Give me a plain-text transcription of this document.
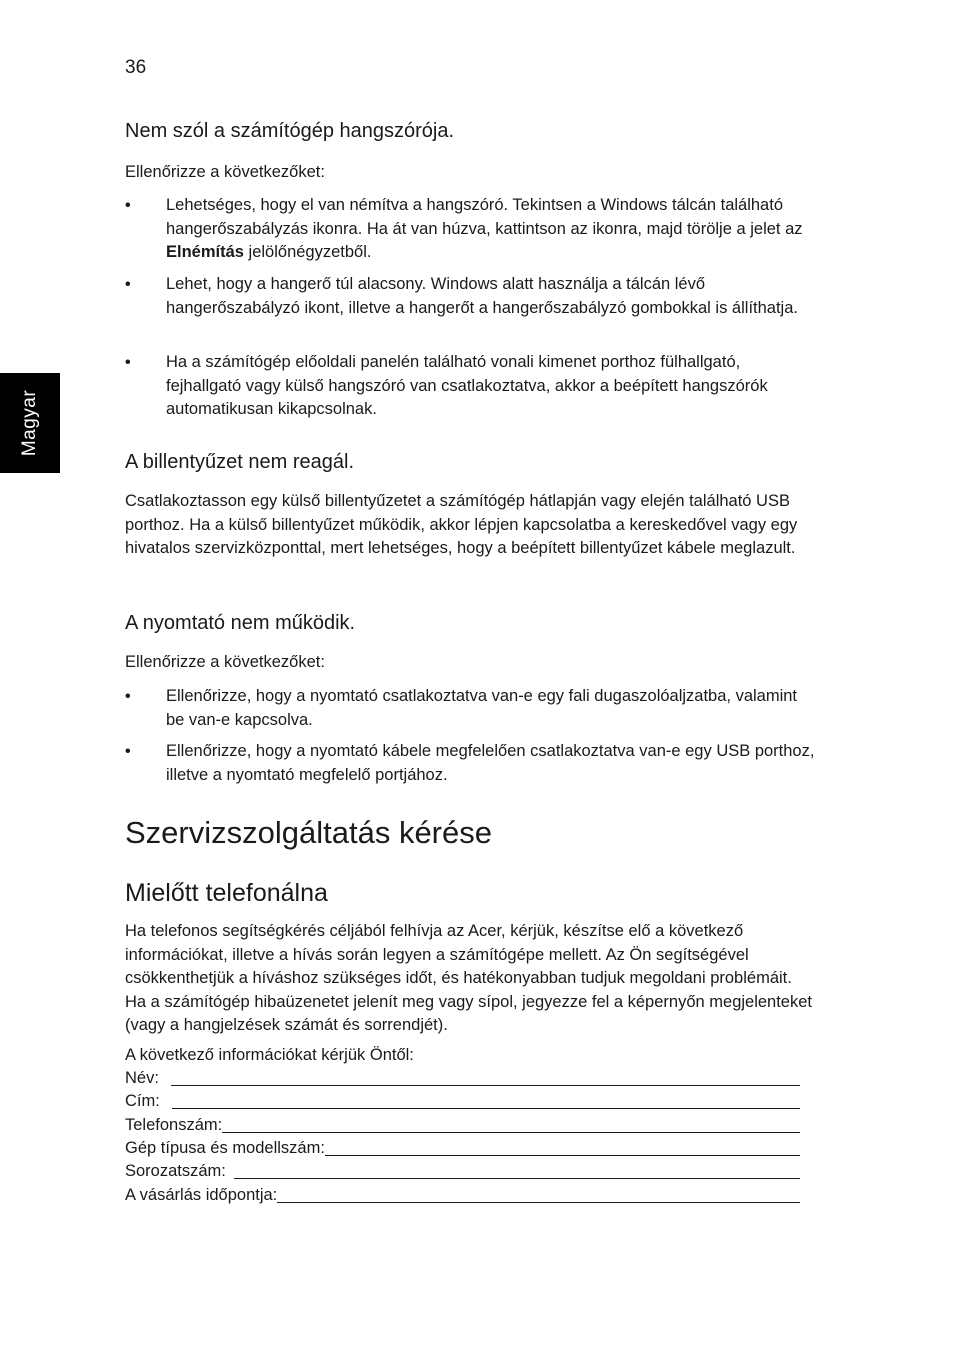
36
Magyar
Nem szól a számítógép hangszórója.

Ellenőrizze a következőket:

• Lehetséges, hogy el van némítva a hangszóró. Tekintsen a Windows tálcán található hangerőszabályzás ikonra. Ha át van húzva, kattintson az ikonra, majd törölje a jelet az Elnémítás jelölőnégyzetből.
• Lehet, hogy a hangerő túl alacsony. Windows alatt használja a tálcán lévő hangerőszabályzó ikont, illetve a hangerőt a hangerőszabályzó gombokkal is állíthatja.
• Ha a számítógép előoldali panelén található vonali kimenet porthoz fülhallgató, fejhallgató vagy külső hangszóró van csatlakoztatva, akkor a beépített hangszórók automatikusan kikapcsolnak.
A billentyűzet nem reagál.

Csatlakoztasson egy külső billentyűzetet a számítógép hátlapján vagy elején található USB porthoz. Ha a külső billentyűzet működik, akkor lépjen kapcsolatba a kereskedővel vagy egy hivatalos szervizközponttal, mert lehetséges, hogy a beépített billentyűzet kábele meglazult.

A nyomtató nem működik.

Ellenőrizze a következőket:

• Ellenőrizze, hogy a nyomtató csatlakoztatva van-e egy fali dugaszolóaljzatba, valamint be van-e kapcsolva.
• Ellenőrizze, hogy a nyomtató kábele megfelelően csatlakoztatva van-e egy USB porthoz, illetve a nyomtató megfelelő portjához.
Szervizszolgáltatás kérése
Mielőtt telefonálna

Ha telefonos segítségkérés céljából felhívja az Acer, kérjük, készítse elő a következő információkat, illetve a hívás során legyen a számítógépe mellett. Az Ön segítségével csökkenthetjük a híváshoz szükséges időt, és hatékonyabban tudjuk megoldani problémáit. Ha a számítógép hibaüzenetet jelenít meg vagy sípol, jegyezze fel a képernyőn megjelenteket (vagy a hangjelzések számát és sorrendjét).

A következő információkat kérjük Öntől:

Név:
Cím:
Telefonszám:
Gép típusa és modellszám:
Sorozatszám:
A vásárlás időpontja:
